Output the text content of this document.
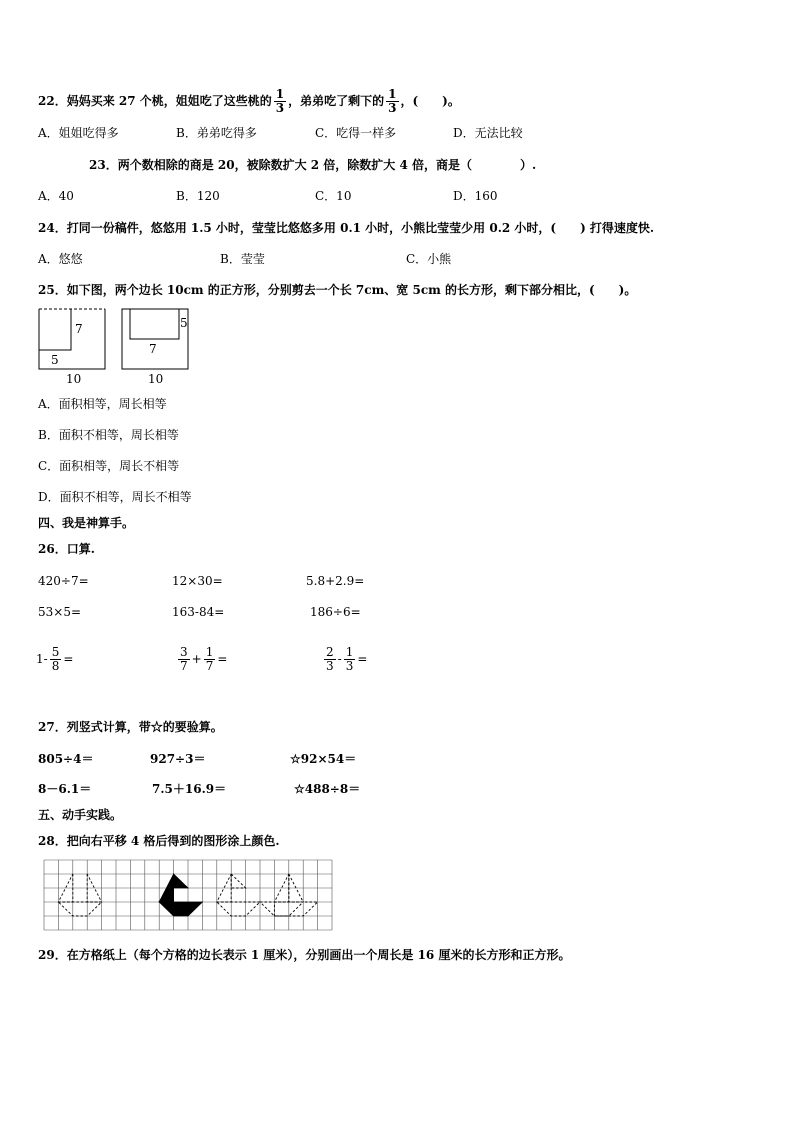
22．妈妈买来 27 个桃，姐姐吃了这些桃的 $\frac{1}{3}$ ，弟弟吃了剩下的 $\frac{1}{3}$ ，(　　)。
A．姐姐吃得多	B．弟弟吃得多	C．吃得一样多	D．无法比较
23．两个数相除的商是 20，被除数扩大 2 倍，除数扩大 4 倍，商是（　　　　）.
A．40	B．120	C．10	D．160
24．打同一份稿件，悠悠用 1.5 小时，莹莹比悠悠多用 0.1 小时，小熊比莹莹少用 0.2 小时，(　　) 打得速度快.
A．悠悠	B．莹莹	C．小熊
25．如下图，两个边长 10cm 的正方形，分别剪去一个长 7cm、宽 5cm 的长方形，剩下部分相比，(　　)。
7
5
10
5
7
10
A．面积相等，周长相等
B．面积不相等，周长相等
C．面积相等，周长不相等
D．面积不相等，周长不相等
四、我是神算手。
26．口算.
420÷7=	12×30=	5.8+2.9=
53×5=	163-84=	186÷6=
$1- \frac{5}{8}$ =	$\frac{3}{7} + \frac{1}{7}$ =	$\frac{2}{3} - \frac{1}{3}$ =
27．列竖式计算，带☆的要验算。
805÷4＝	927÷3＝	☆92×54＝
8－6.1＝	7.5＋16.9＝	☆488÷8＝
五、动手实践。
28．把向右平移 4 格后得到的图形涂上颜色.
29．在方格纸上（每个方格的边长表示 1 厘米），分别画出一个周长是 16 厘米的长方形和正方形。
